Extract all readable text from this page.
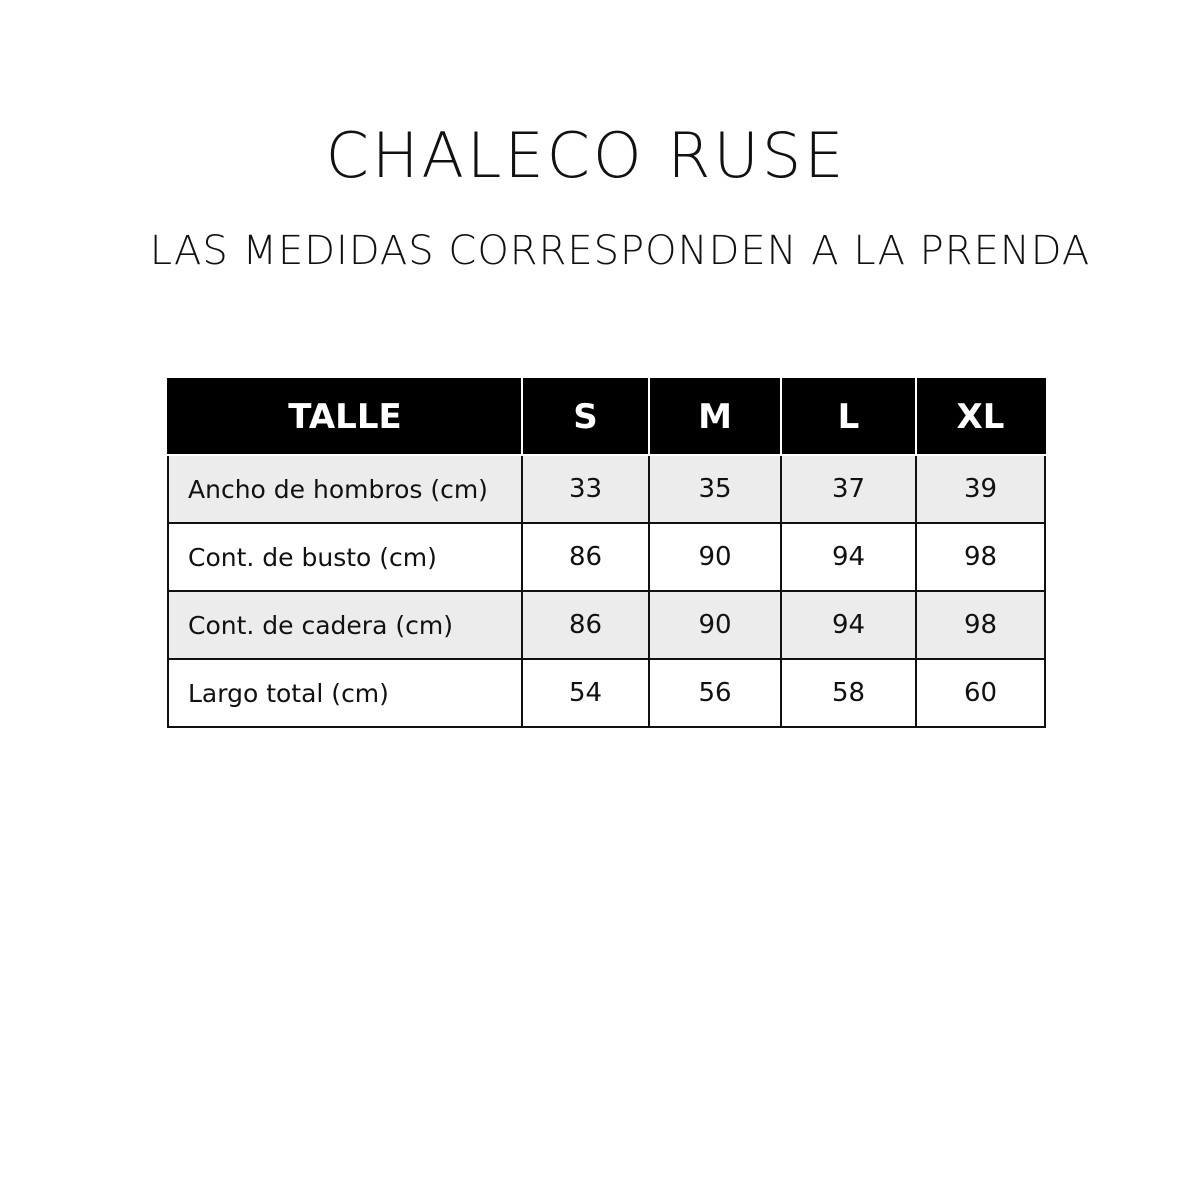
CHALECO RUSE
LAS MEDIDAS CORRESPONDEN A LA PRENDA
TALLE	S	M	L	XL
Ancho de hombros (cm)	33	35	37	39
Cont. de busto (cm)	86	90	94	98
Cont. de cadera (cm)	86	90	94	98
Largo total (cm)	54	56	58	60
